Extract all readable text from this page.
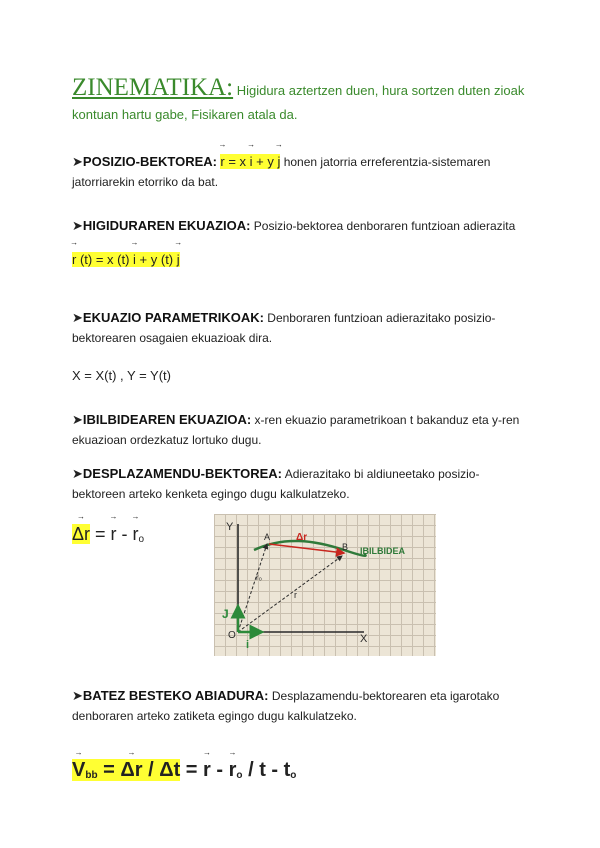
ZINEMATIKA: Higidura aztertzen duen, hura sortzen duten zioak kontuan hartu gabe, Fisikaren atala da.
➤POSIZIO-BEKTOREA: → r = x → i + y → j honen jatorria erreferentzia-sistemaren jatorriarekin etorriko da bat.
➤HIGIDURAREN EKUAZIOA: Posizio-bektorea denboraren funtzioan adierazita
→ r (t) = x (t) → i + y (t) → j
➤EKUAZIO PARAMETRIKOAK: Denboraren funtzioan adierazitako posizio-bektorearen osagaien ekuazioak dira.
X = X(t) , Y = Y(t)
➤IBILBIDEAREN EKUAZIOA: x-ren ekuazio parametrikoan t bakanduz eta y-ren ekuazioan ordezkatuz lortuko dugu.
➤DESPLAZAMENDU-BEKTOREA: Adierazitako bi aldiuneetako posizio-bektoreen arteko kenketa egingo dugu kalkulatzeko.
→ Δr = → r - → $r_o$
Y
X
O
A
B IBILBIDEA
Δr
r
r₀
i
J
➤BATEZ BESTEKO ABIADURA: Desplazamendu-bektorearen eta igarotako denboraren arteko zatiketa egingo dugu kalkulatzeko.
→ $V_{bb}$ = → Δr / Δt = → r - → $r_o$ / t - $t_o$
